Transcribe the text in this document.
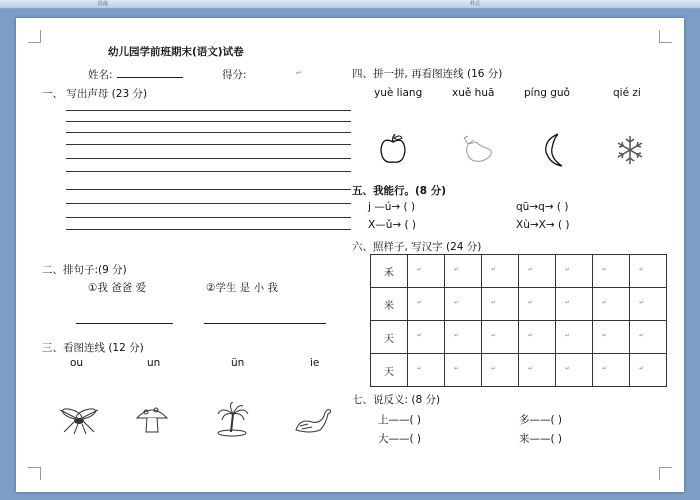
段落	样式
幼儿园学前班期末(语文)试卷
姓名:	得分:	↵
一、 写出声母 (23 分)
二、排句子:(9 分)
①我 爸爸 爱	②学生 是 小 我
三、看图连线 (12 分)
ou	un	ün	ie
四、拼一拼, 再看图连线 (16 分)
yuè liang	xuě huā	píng guǒ	qié zi
五、我能行。(8 分)
j —ú→ ( )	qū→q→ ( )
X—ǔ→ ( )	Xù→X→ ( )
六、照样子, 写汉字 (24 分)
禾	↵	↵	↵	↵	↵	↵	↵

米	↵	↵	↵	↵	↵	↵	↵

天	↵	↵	↵	↵	↵	↵	↵

天	↵	↵	↵	↵	↵	↵	↵
七、说反义: (8 分)
上——( )	多——( )
大——( )	来——( )
